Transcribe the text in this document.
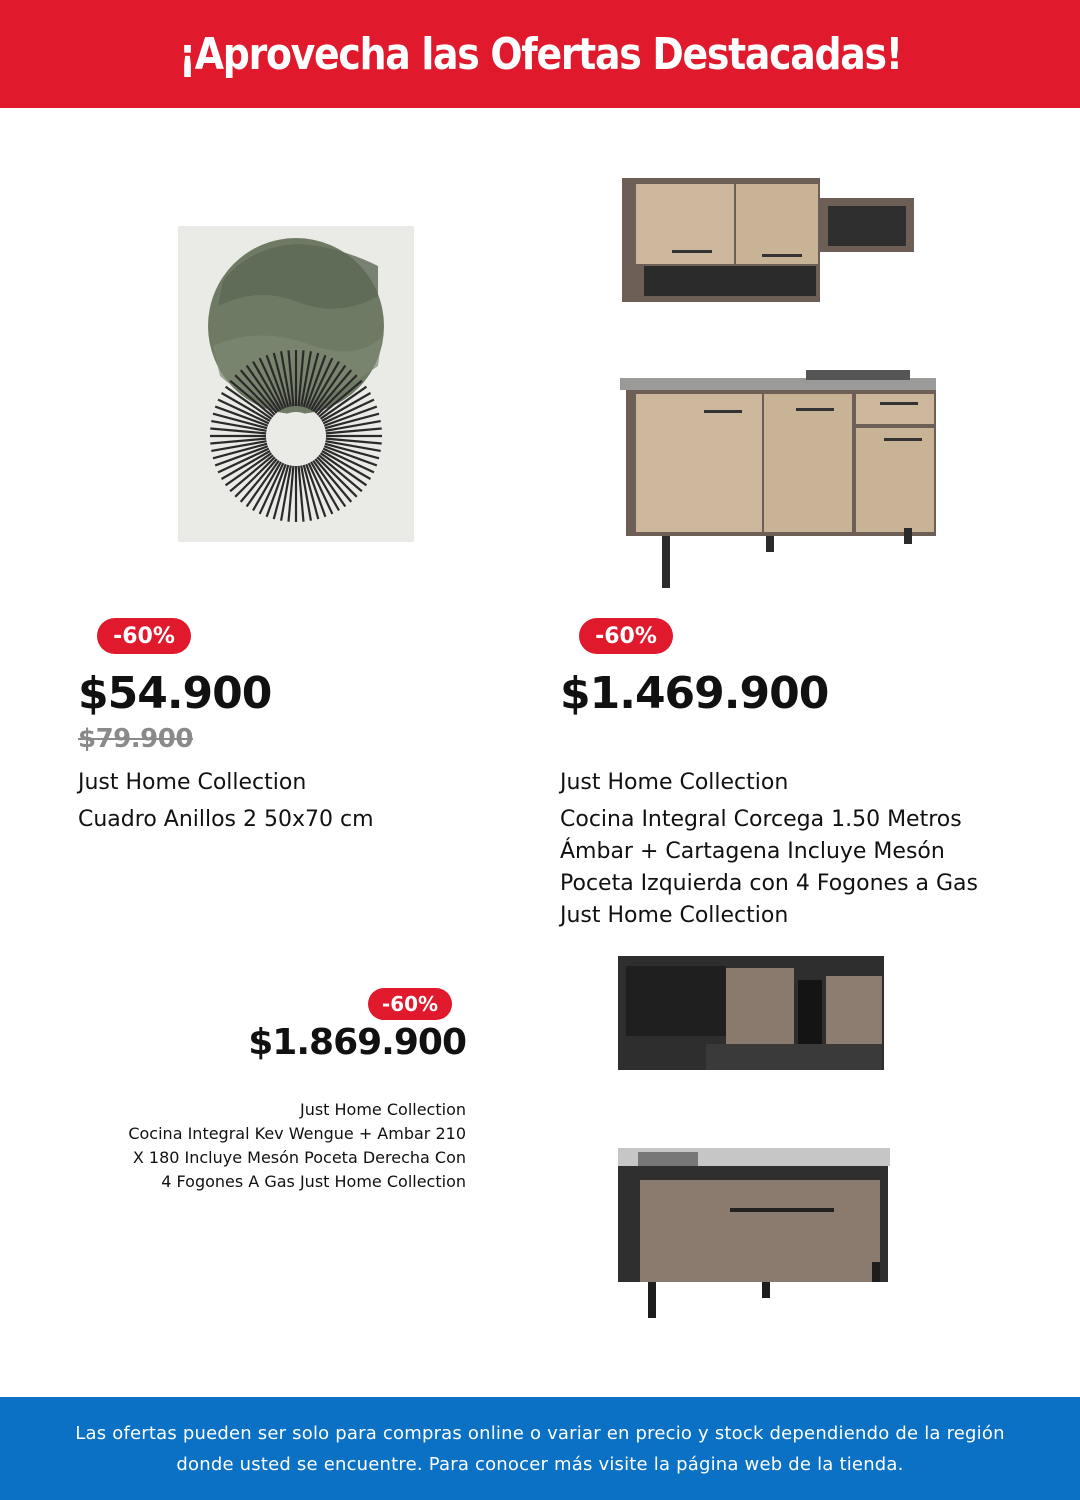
¡Aprovecha las Ofertas Destacadas!
-60%
$54.900
$79.900
Just Home Collection
Cuadro Anillos 2 50x70 cm
-60%
$1.469.900
Just Home Collection
Cocina Integral Corcega 1.50 Metros Ámbar + Cartagena Incluye Mesón Poceta Izquierda con 4 Fogones a Gas Just Home Collection
-60%
$1.869.900
Just Home Collection
Cocina Integral Kev Wengue + Ambar 210 X 180 Incluye Mesón Poceta Derecha Con 4 Fogones A Gas Just Home Collection
Las ofertas pueden ser solo para compras online o variar en precio y stock dependiendo de la región donde usted se encuentre. Para conocer más visite la página web de la tienda.
